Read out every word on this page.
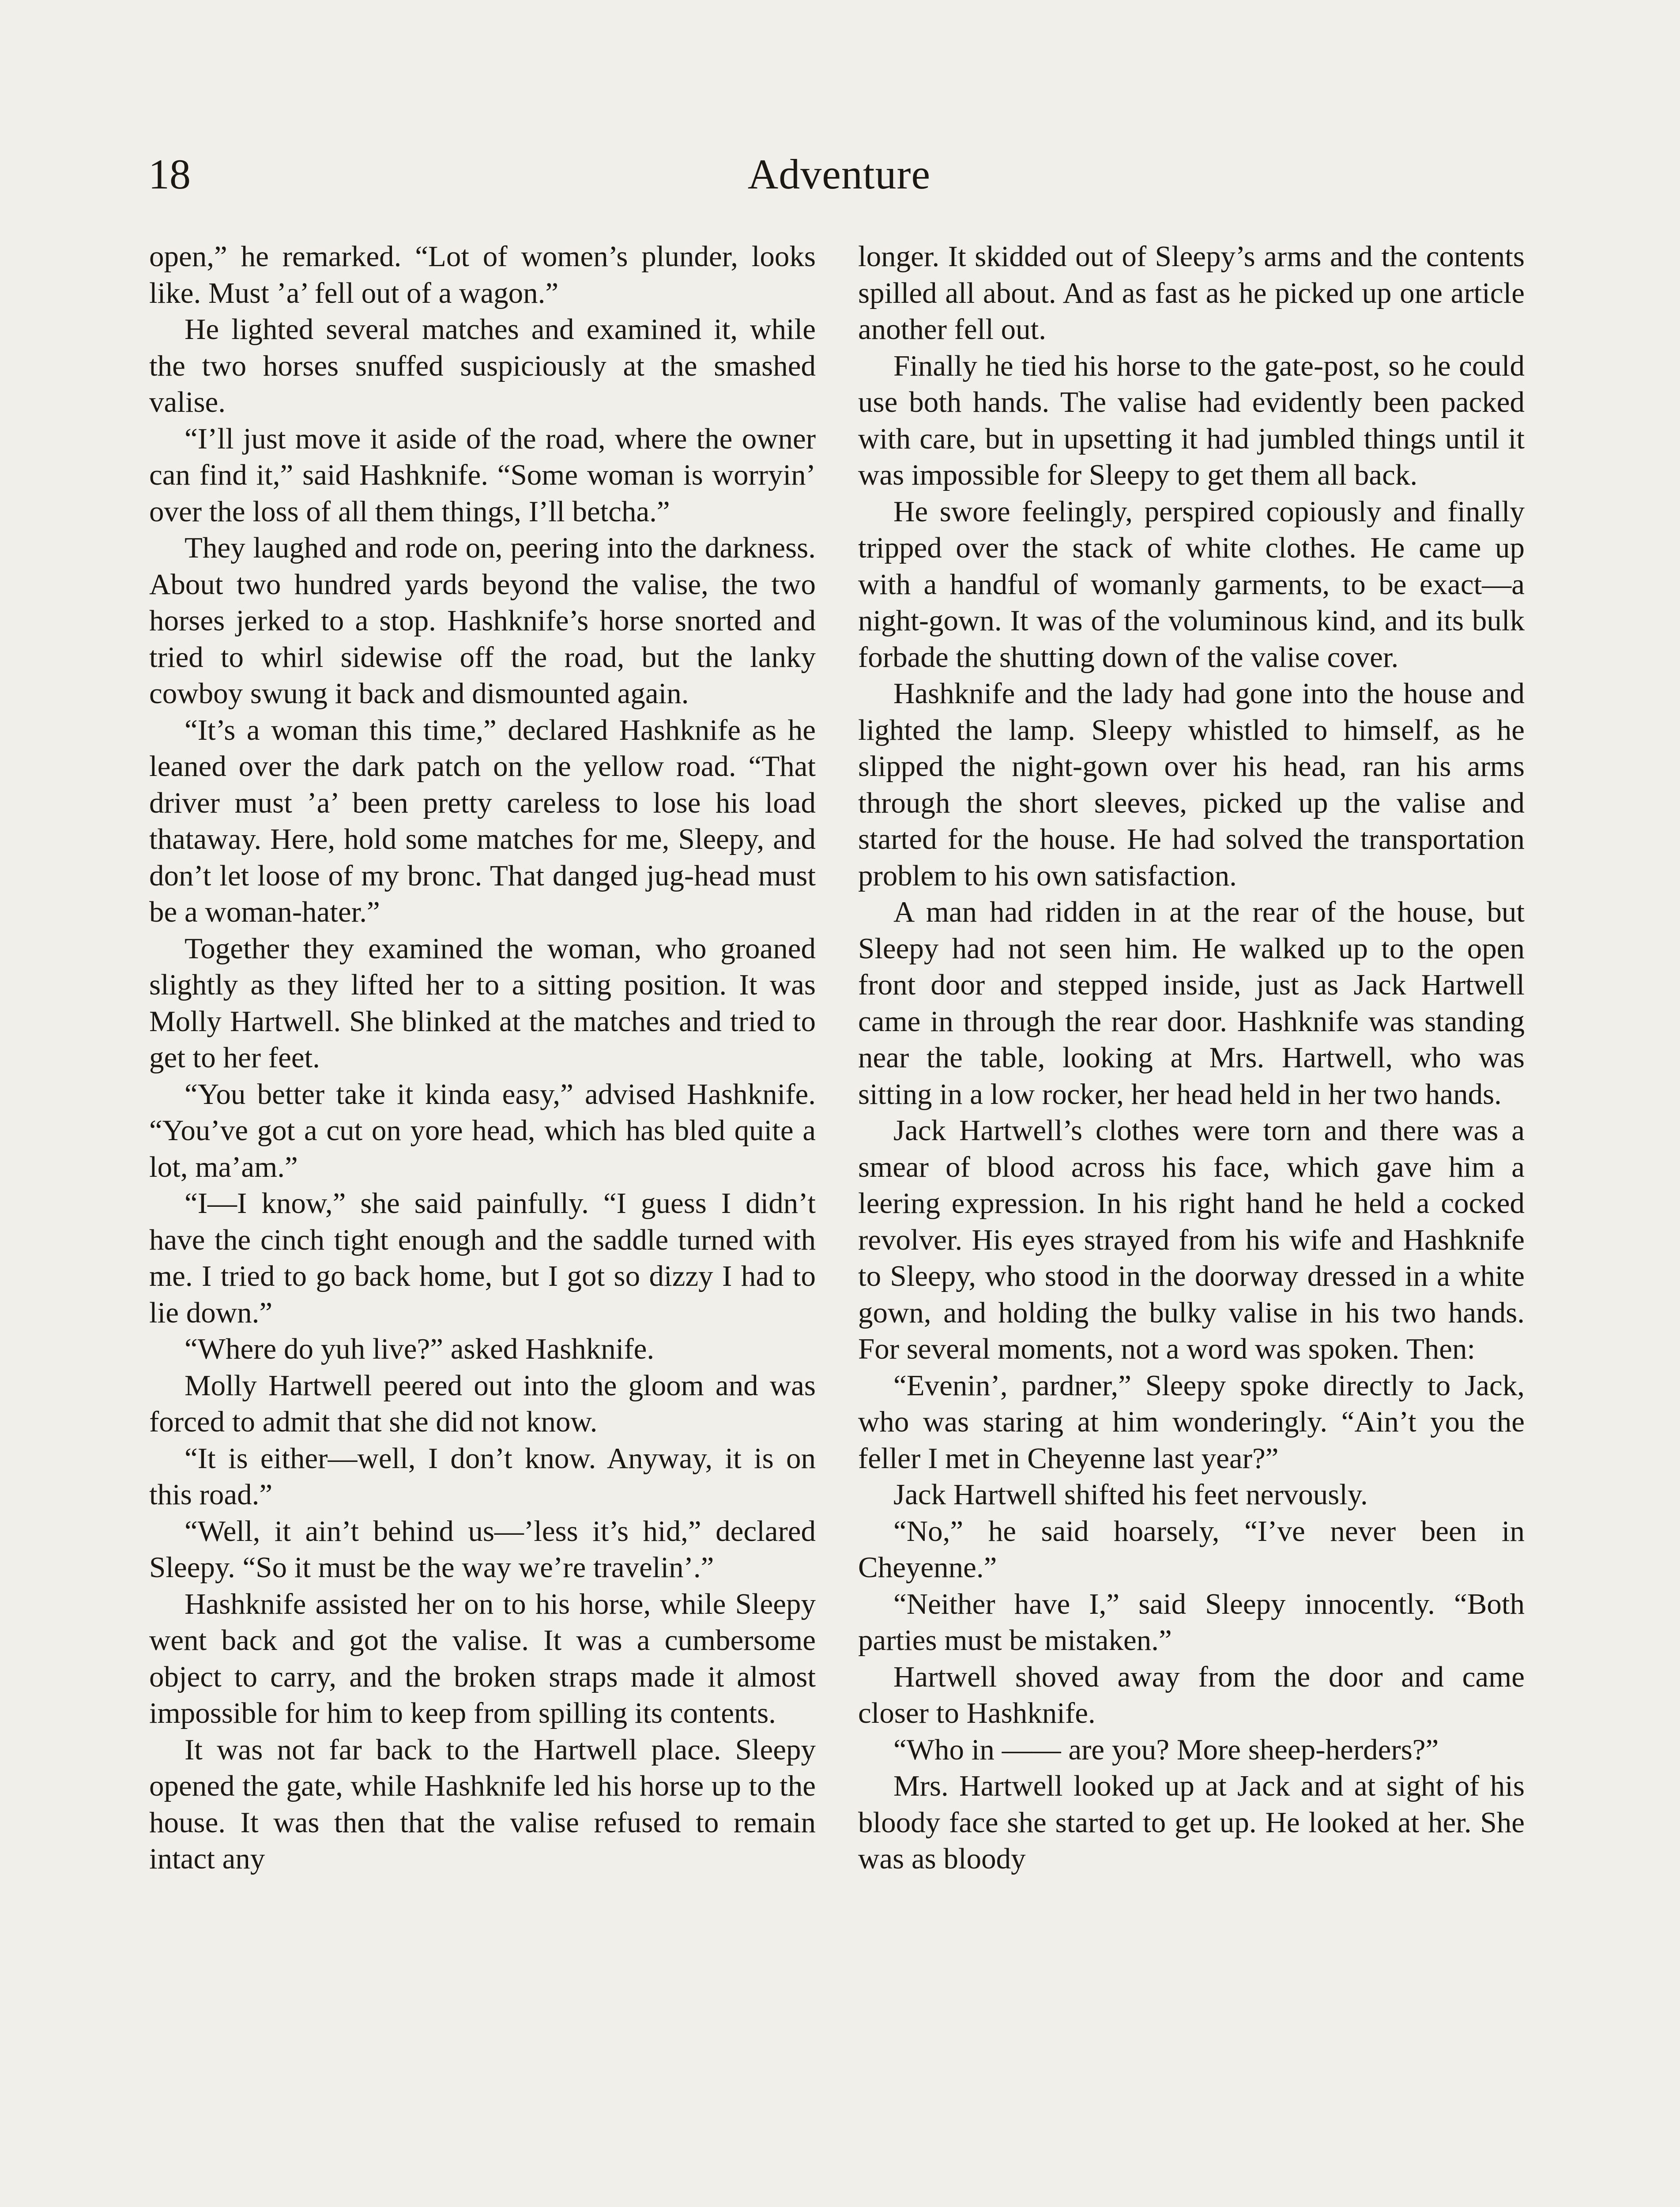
18	Adventure

open,” he remarked. “Lot of women’s plunder, looks like. Must ’a’ fell out of a wagon.”

He lighted several matches and examined it, while the two horses snuffed suspiciously at the smashed valise.

“I’ll just move it aside of the road, where the owner can find it,” said Hashknife. “Some woman is worryin’ over the loss of all them things, I’ll betcha.”

They laughed and rode on, peering into the darkness. About two hundred yards beyond the valise, the two horses jerked to a stop. Hashknife’s horse snorted and tried to whirl sidewise off the road, but the lanky cowboy swung it back and dismounted again.

“It’s a woman this time,” declared Hashknife as he leaned over the dark patch on the yellow road. “That driver must ’a’ been pretty careless to lose his load thataway. Here, hold some matches for me, Sleepy, and don’t let loose of my bronc. That danged jug-head must be a woman-hater.”

Together they examined the woman, who groaned slightly as they lifted her to a sitting position. It was Molly Hartwell. She blinked at the matches and tried to get to her feet.

“You better take it kinda easy,” advised Hashknife. “You’ve got a cut on yore head, which has bled quite a lot, ma’am.”

“I—I know,” she said painfully. “I guess I didn’t have the cinch tight enough and the saddle turned with me. I tried to go back home, but I got so dizzy I had to lie down.”

“Where do yuh live?” asked Hashknife.

Molly Hartwell peered out into the gloom and was forced to admit that she did not know.

“It is either—well, I don’t know. Anyway, it is on this road.”

“Well, it ain’t behind us—’less it’s hid,” declared Sleepy. “So it must be the way we’re travelin’.”

Hashknife assisted her on to his horse, while Sleepy went back and got the valise. It was a cumbersome object to carry, and the broken straps made it almost impossible for him to keep from spilling its contents.

It was not far back to the Hartwell place. Sleepy opened the gate, while Hashknife led his horse up to the house. It was then that the valise refused to remain intact any

longer. It skidded out of Sleepy’s arms and the contents spilled all about. And as fast as he picked up one article another fell out.

Finally he tied his horse to the gate-post, so he could use both hands. The valise had evidently been packed with care, but in upsetting it had jumbled things until it was impossible for Sleepy to get them all back.

He swore feelingly, perspired copiously and finally tripped over the stack of white clothes. He came up with a handful of womanly garments, to be exact—a night-gown. It was of the voluminous kind, and its bulk forbade the shutting down of the valise cover.

Hashknife and the lady had gone into the house and lighted the lamp. Sleepy whistled to himself, as he slipped the night-gown over his head, ran his arms through the short sleeves, picked up the valise and started for the house. He had solved the transportation problem to his own satisfaction.

A man had ridden in at the rear of the house, but Sleepy had not seen him. He walked up to the open front door and stepped inside, just as Jack Hartwell came in through the rear door. Hashknife was standing near the table, looking at Mrs. Hartwell, who was sitting in a low rocker, her head held in her two hands.

Jack Hartwell’s clothes were torn and there was a smear of blood across his face, which gave him a leering expression. In his right hand he held a cocked revolver. His eyes strayed from his wife and Hashknife to Sleepy, who stood in the doorway dressed in a white gown, and holding the bulky valise in his two hands. For several moments, not a word was spoken. Then:

“Evenin’, pardner,” Sleepy spoke directly to Jack, who was staring at him wonderingly. “Ain’t you the feller I met in Cheyenne last year?”

Jack Hartwell shifted his feet nervously.

“No,” he said hoarsely, “I’ve never been in Cheyenne.”

“Neither have I,” said Sleepy innocently. “Both parties must be mistaken.”

Hartwell shoved away from the door and came closer to Hashknife.

“Who in —— are you? More sheep-herders?”

Mrs. Hartwell looked up at Jack and at sight of his bloody face she started to get up. He looked at her. She was as bloody
